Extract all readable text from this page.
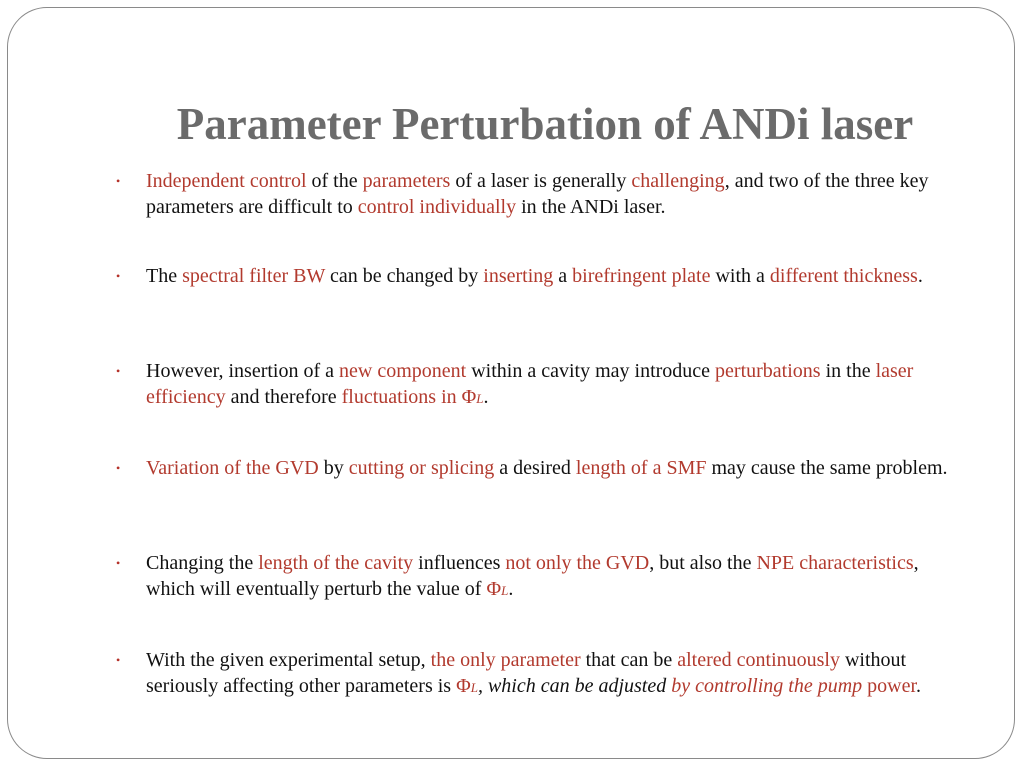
Parameter Perturbation of ANDi laser
•	Independent control of the parameters of a laser is generally challenging, and two of the three key parameters are difficult to control individually in the ANDi laser.
•	The spectral filter BW can be changed by inserting a birefringent plate with a different thickness.
•	However, insertion of a new component within a cavity may introduce perturbations in the laser efficiency and therefore fluctuations in ΦL.
•	Variation of the GVD by cutting or splicing a desired length of a SMF may cause the same problem.
•	Changing the length of the cavity influences not only the GVD, but also the NPE characteristics, which will eventually perturb the value of ΦL.
•	With the given experimental setup, the only parameter that can be altered continuously without seriously affecting other parameters is ΦL, which can be adjusted by controlling the pump power.
